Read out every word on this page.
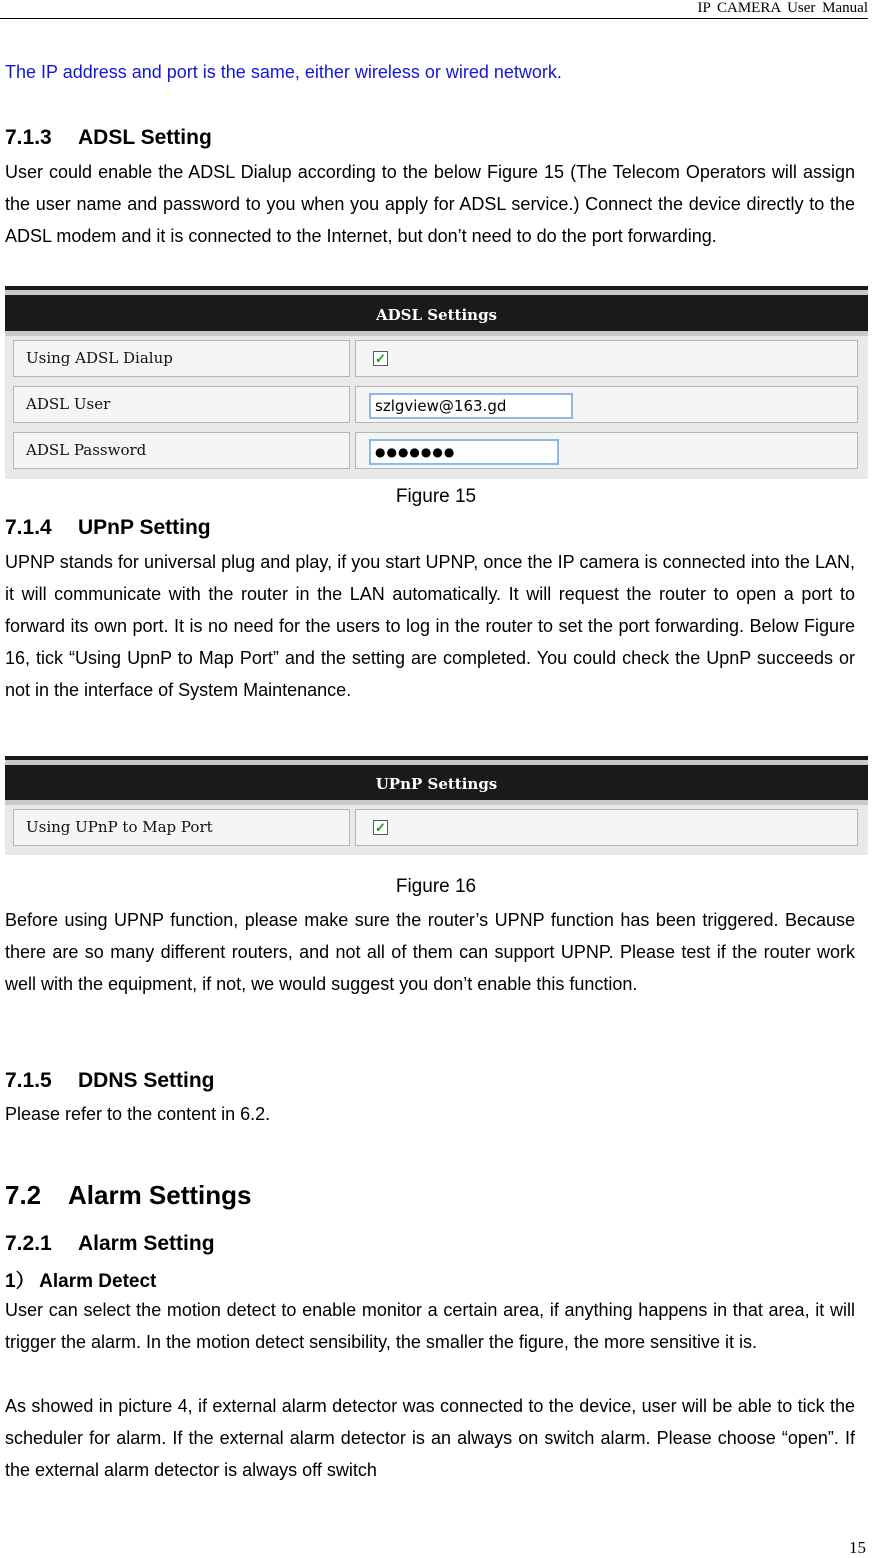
IP CAMERA User Manual
The IP address and port is the same, either wireless or wired network.
7.1.3 ADSL Setting

User could enable the ADSL Dialup according to the below Figure 15 (The Telecom Operators will assign the user name and password to you when you apply for ADSL service.) Connect the device directly to the ADSL modem and it is connected to the Internet, but don’t need to do the port forwarding.

ADSL Settings
Using ADSL Dialup	✓
ADSL User	szlgview@163.gd
ADSL Password	●●●●●●●
Figure 15
7.1.4 UPnP Setting

UPNP stands for universal plug and play, if you start UPNP, once the IP camera is connected into the LAN, it will communicate with the router in the LAN automatically. It will request the router to open a port to forward its own port. It is no need for the users to log in the router to set the port forwarding. Below Figure 16, tick “Using UpnP to Map Port” and the setting are completed. You could check the UpnP succeeds or not in the interface of System Maintenance.

UPnP Settings
Using UPnP to Map Port	✓
Figure 16

Before using UPNP function, please make sure the router’s UPNP function has been triggered. Because there are so many different routers, and not all of them can support UPNP. Please test if the router work well with the equipment, if not, we would suggest you don’t enable this function.

7.1.5 DDNS Setting

Please refer to the content in 6.2.

7.2 Alarm Settings
7.2.1 Alarm Setting
1） Alarm Detect

User can select the motion detect to enable monitor a certain area, if anything happens in that area, it will trigger the alarm. In the motion detect sensibility, the smaller the figure, the more sensitive it is.

As showed in picture 4, if external alarm detector was connected to the device, user will be able to tick the scheduler for alarm. If the external alarm detector is an always on switch alarm. Please choose “open”. If the external alarm detector is always off switch

15
